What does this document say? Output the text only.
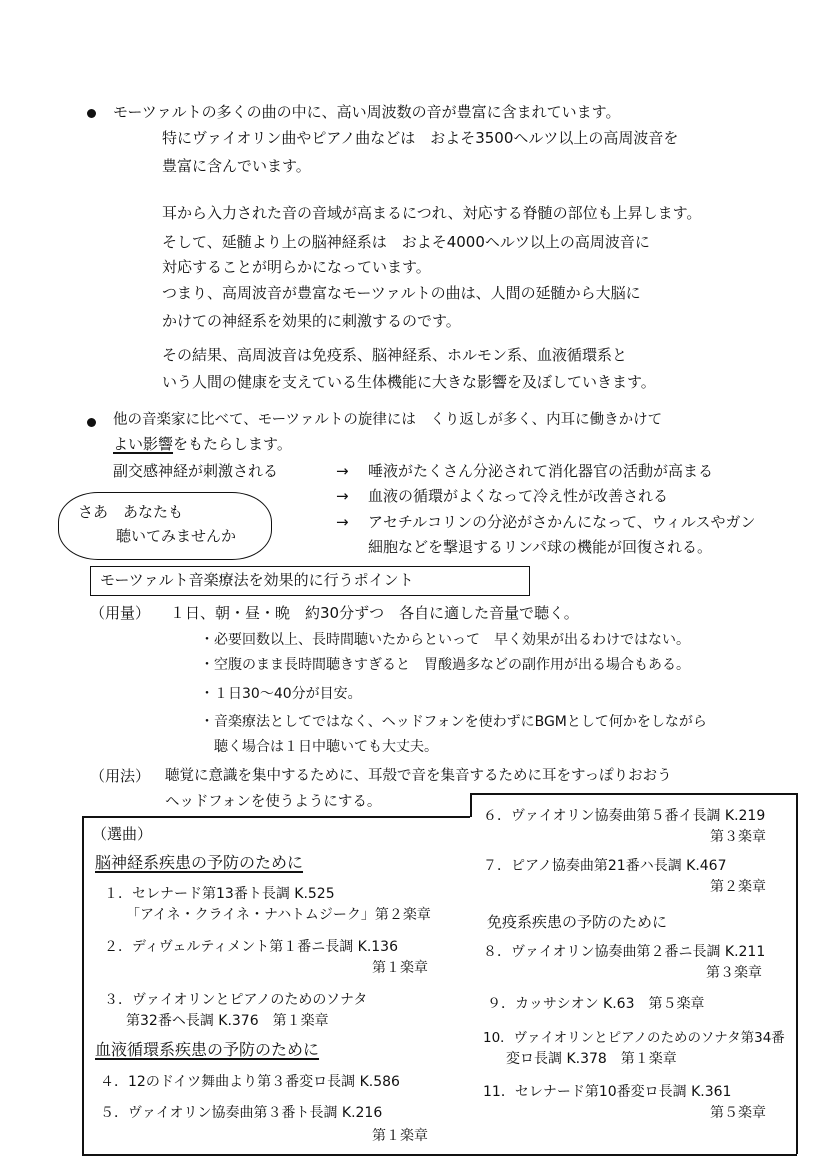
モーツァルトの多くの曲の中に、高い周波数の音が豊富に含まれています。
特にヴァイオリン曲やピアノ曲などは　およそ3500ヘルツ以上の高周波音を
豊富に含んでいます。
耳から入力された音の音域が高まるにつれ、対応する脊髄の部位も上昇します。
そして、延髄より上の脳神経系は　およそ4000ヘルツ以上の高周波音に
対応することが明らかになっています。
つまり、高周波音が豊富なモーツァルトの曲は、人間の延髄から大脳に
かけての神経系を効果的に刺激するのです。
その結果、高周波音は免疫系、脳神経系、ホルモン系、血液循環系と
いう人間の健康を支えている生体機能に大きな影響を及ぼしていきます。
他の音楽家に比べて、モーツァルトの旋律には　くり返しが多く、内耳に働きかけて
よい影響をもたらします。
副交感神経が刺激される	→ 唾液がたくさん分泌されて消化器官の活動が高まる
→ 血液の循環がよくなって冷え性が改善される
→ アセチルコリンの分泌がさかんになって、ウィルスやガン
細胞などを撃退するリンパ球の機能が回復される。
さあ　あなたも
聴いてみませんか
モーツァルト音楽療法を効果的に行うポイント
（用量） １日、朝・昼・晩　約30分ずつ　各自に適した音量で聴く。
・必要回数以上、長時間聴いたからといって　早く効果が出るわけではない。
・空腹のまま長時間聴きすぎると　胃酸過多などの副作用が出る場合もある。
・１日30〜40分が目安。
・音楽療法としてではなく、ヘッドフォンを使わずにBGMとして何かをしながら
聴く場合は１日中聴いても大丈夫。
（用法） 聴覚に意識を集中するために、耳殻で音を集音するために耳をすっぽりおおう
ヘッドフォンを使うようにする。
（選曲）
脳神経系疾患の予防のために
１．セレナード第13番ト長調 K.525
「アイネ・クライネ・ナハトムジーク」第２楽章
２．ディヴェルティメント第１番ニ長調 K.136
第１楽章
３．ヴァイオリンとピアノのためのソナタ
第32番ヘ長調 K.376　第１楽章
血液循環系疾患の予防のために
４．12のドイツ舞曲より第３番変ロ長調 K.586
５．ヴァイオリン協奏曲第３番ト長調 K.216
第１楽章
６．ヴァイオリン協奏曲第５番イ長調 K.219
第３楽章
７．ピアノ協奏曲第21番ハ長調 K.467
第２楽章
免疫系疾患の予防のために
８．ヴァイオリン協奏曲第２番ニ長調 K.211
第３楽章
９．カッサシオン K.63　第５楽章
10．ヴァイオリンとピアノのためのソナタ第34番
変ロ長調 K.378　第１楽章
11．セレナード第10番変ロ長調 K.361
第５楽章
